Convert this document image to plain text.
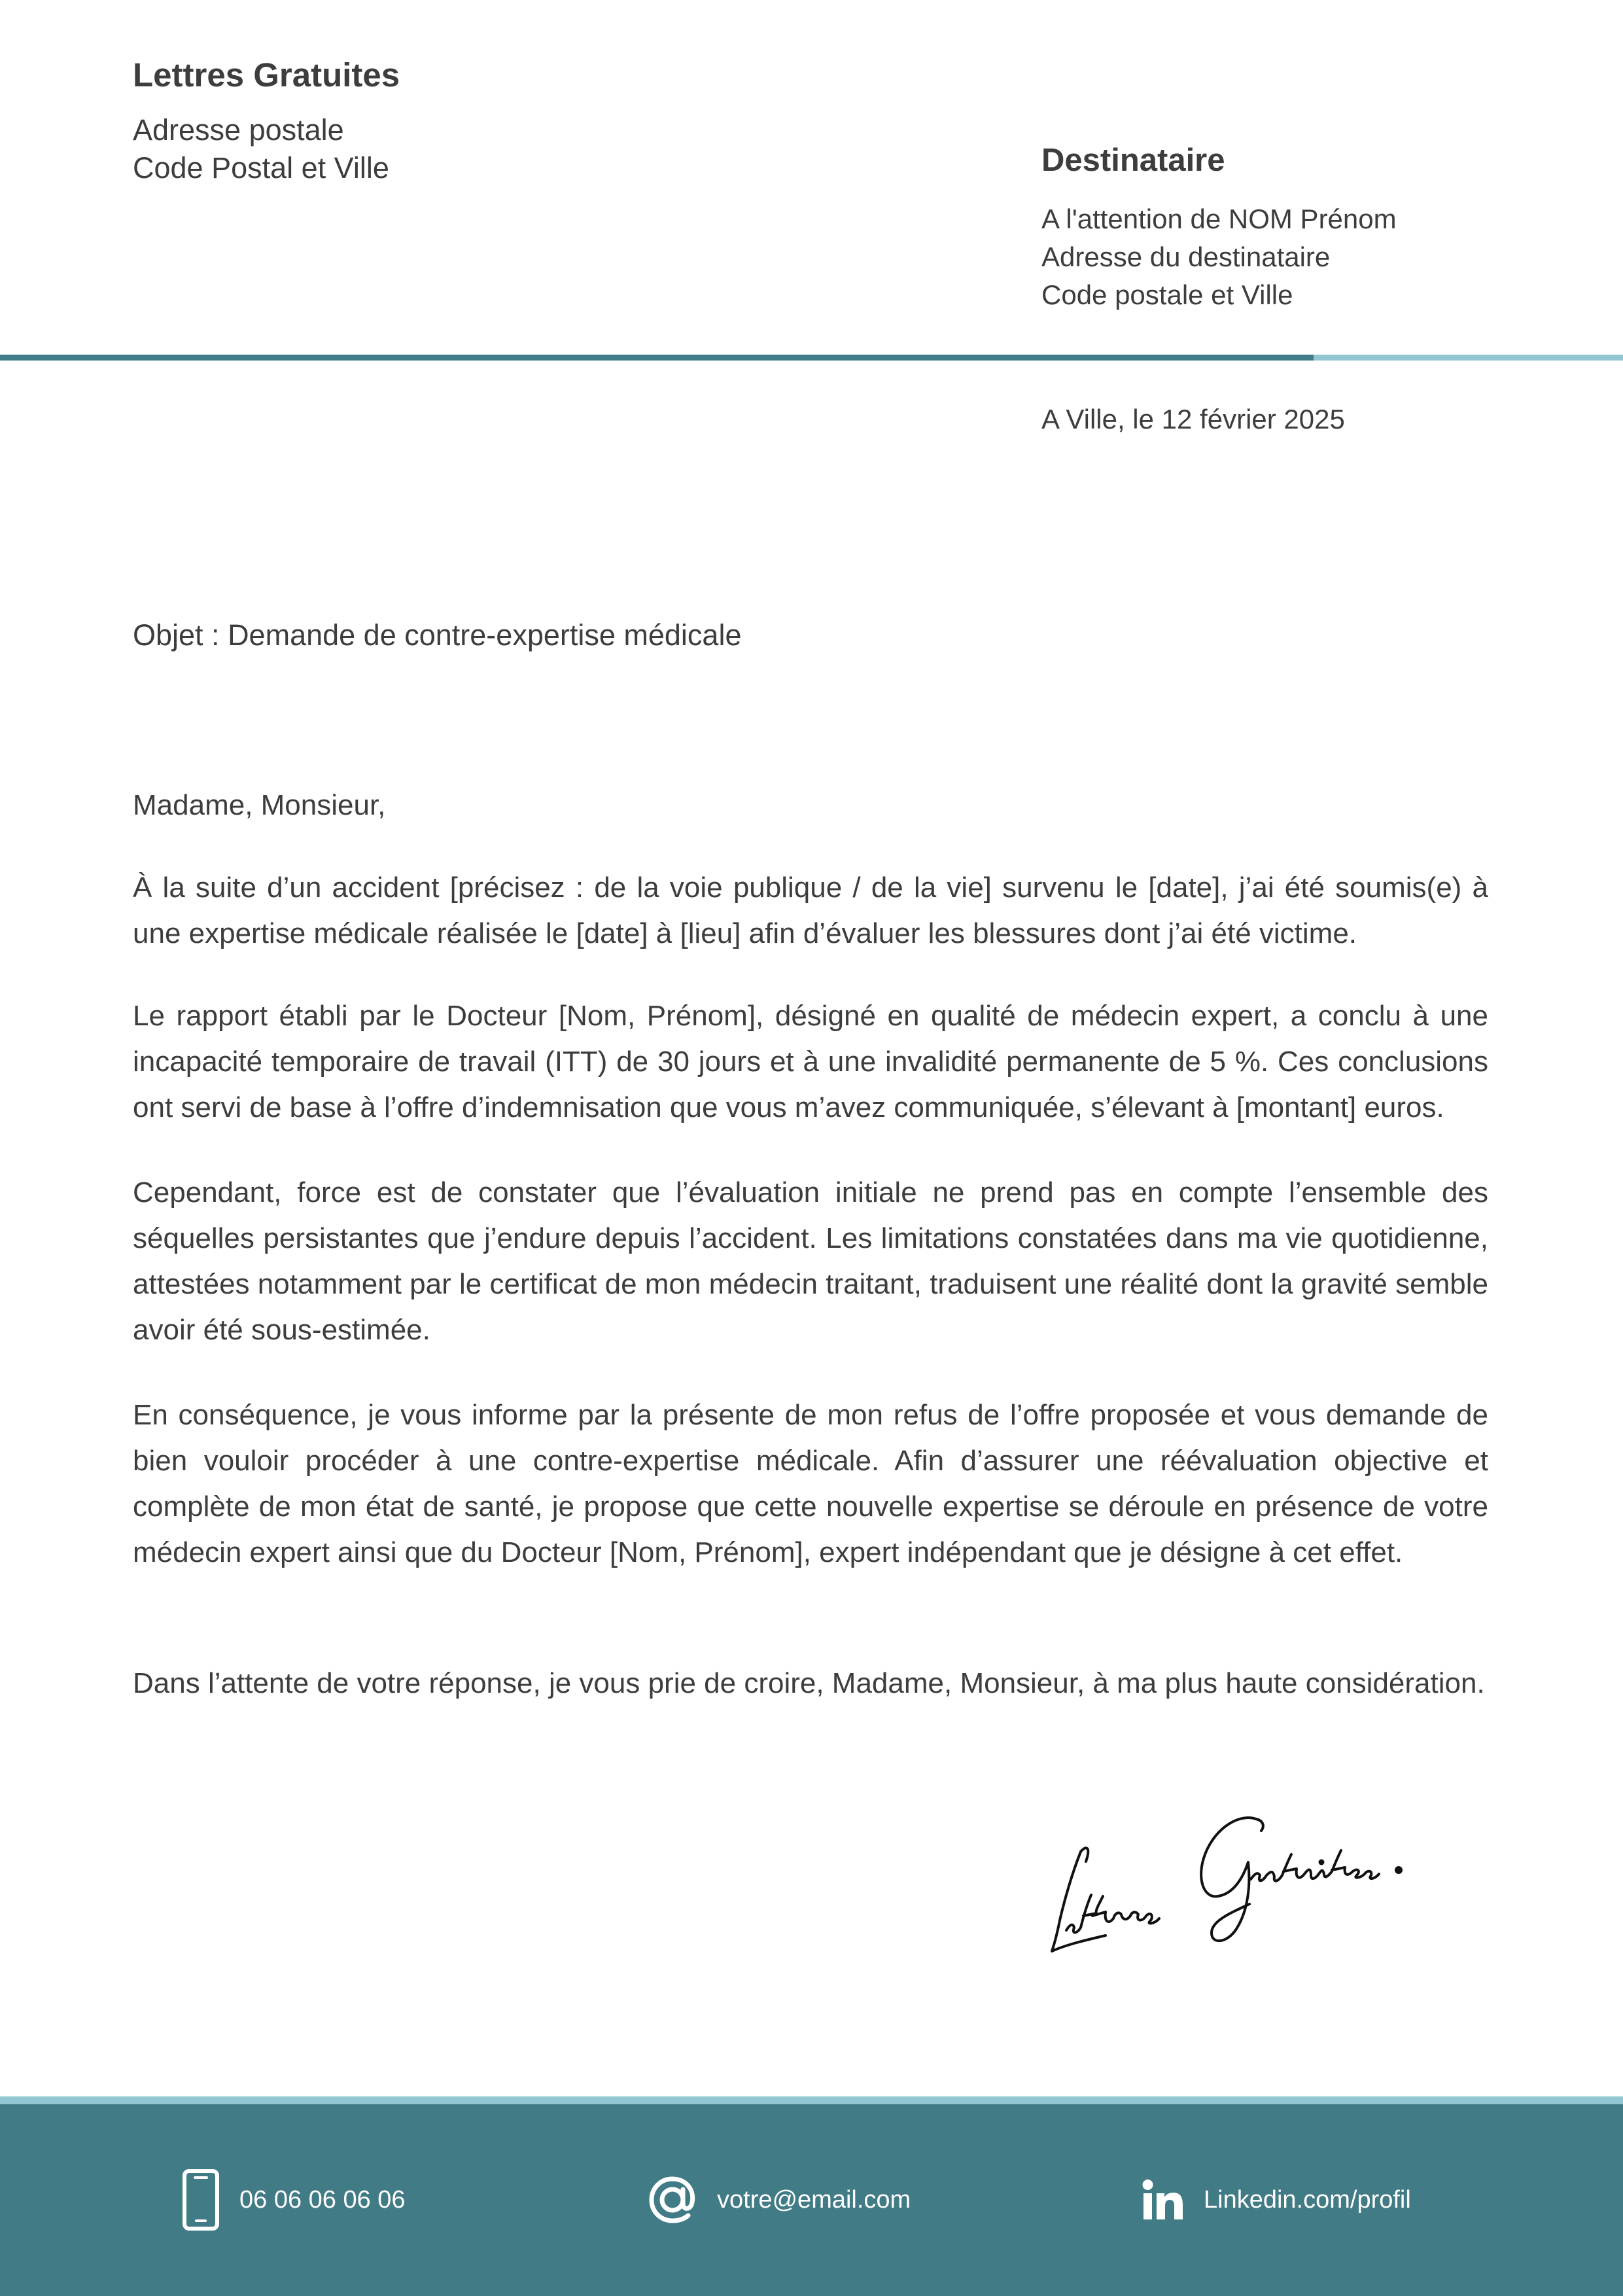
Lettres Gratuites
Adresse postale
Code Postal et Ville	Destinataire
A l'attention de NOM Prénom
Adresse du destinataire
Code postale et Ville
A Ville, le 12 février 2025
Objet : Demande de contre-expertise médicale
Madame, Monsieur,
À la suite d’un accident [précisez : de la voie publique / de la vie] survenu le [date], j’ai été soumis(e) à une expertise médicale réalisée le [date] à [lieu] afin d’évaluer les blessures dont j’ai été victime.
Le rapport établi par le Docteur [Nom, Prénom], désigné en qualité de médecin expert, a conclu à une incapacité temporaire de travail (ITT) de 30 jours et à une invalidité permanente de 5 %. Ces conclusions ont servi de base à l’offre d’indemnisation que vous m’avez communiquée, s’élevant à [montant] euros.
Cependant, force est de constater que l’évaluation initiale ne prend pas en compte l’ensemble des séquelles persistantes que j’endure depuis l’accident. Les limitations constatées dans ma vie quotidienne, attestées notamment par le certificat de mon médecin traitant, traduisent une réalité dont la gravité semble avoir été sous-estimée.
En conséquence, je vous informe par la présente de mon refus de l’offre proposée et vous demande de bien vouloir procéder à une contre-expertise médicale. Afin d’assurer une réévaluation objective et complète de mon état de santé, je propose que cette nouvelle expertise se déroule en présence de votre médecin expert ainsi que du Docteur [Nom, Prénom], expert indépendant que je désigne à cet effet.
Dans l’attente de votre réponse, je vous prie de croire, Madame, Monsieur, à ma plus haute considération.
06 06 06 06 06	votre@email.com	Linkedin.com/profil
